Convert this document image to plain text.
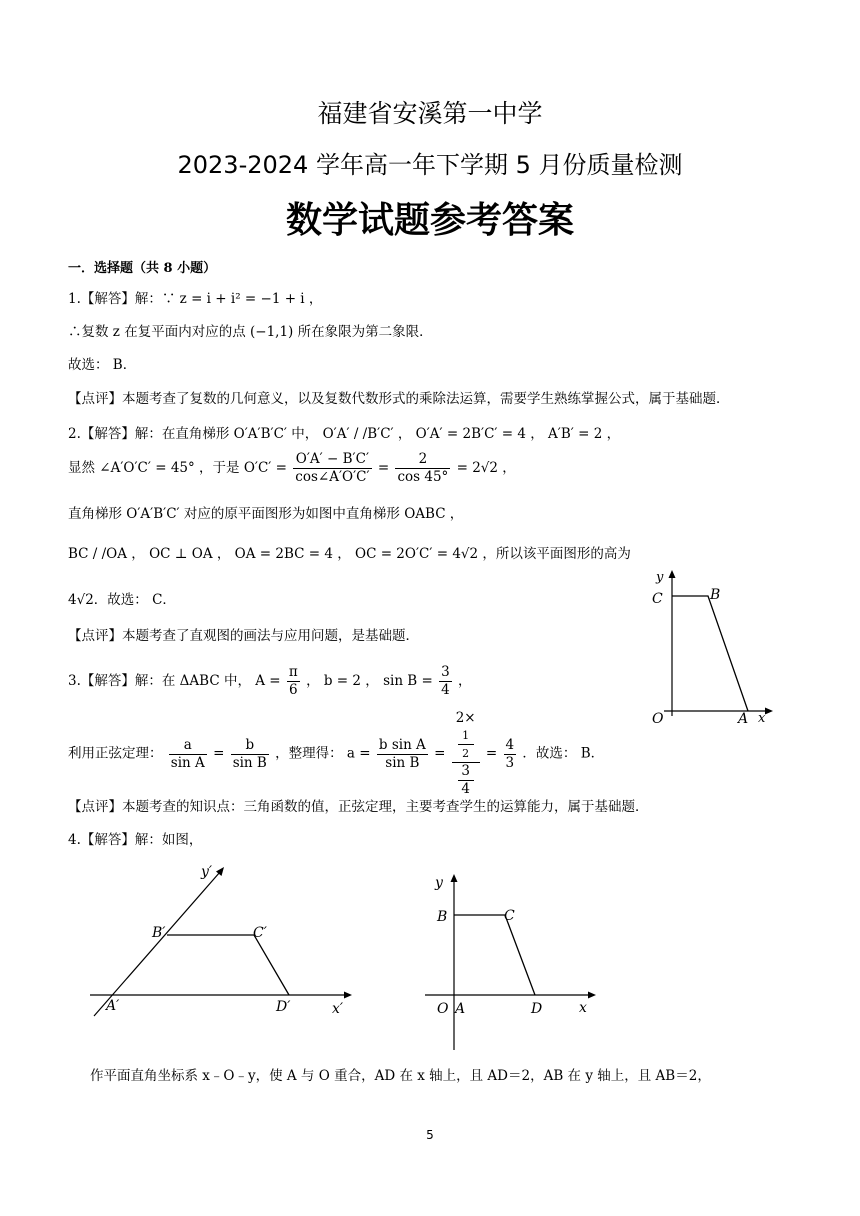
福建省安溪第一中学
2023-2024 学年高一年下学期 5 月份质量检测
数学试题参考答案
一．选择题（共 8 小题）
1.【解答】解：∵ z = i + i² = −1 + i ，
∴复数 z 在复平面内对应的点 (−1,1) 所在象限为第二象限．
故选： B．
【点评】本题考查了复数的几何意义，以及复数代数形式的乘除法运算，需要学生熟练掌握公式，属于基础题．
2.【解答】解：在直角梯形 O′A′B′C′ 中， O′A′ / /B′C′ ， O′A′ = 2B′C′ = 4 ， A′B′ = 2 ，
显然 ∠A′O′C′ = 45° ，于是 $O'C' = \frac{O'A' - B'C'}{\cos\angle A'O'C'} = \frac{2}{\cos 45^\circ} = 2√2$ ，
直角梯形 O′A′B′C′ 对应的原平面图形为如图中直角梯形 OABC ，
BC / /OA ， OC ⊥ OA ， OA = 2BC = 4 ， OC = 2O′C′ = 4√2 ，所以该平面图形的高为
4√2．故选： C．
【点评】本题考查了直观图的画法与应用问题，是基础题．
y
C	B
O	A x
3.【解答】解：在 ΔABC 中， $A = \frac{\pi}{6}$ ， b = 2 ， $\sin B = \frac{3}{4}$ ，
利用正弦定理： $\frac{a}{\text{sin A}} = \frac{b}{\text{sin B}}$ ，整理得： $a = \frac{\text{b sin A}}{\text{sin B}} = 2\times$
1
2
3
$4 = \frac{4}{3}$ ．故选： B．
【点评】本题考查的知识点：三角函数的值，正弦定理，主要考查学生的运算能力，属于基础题．
4.【解答】解：如图，
y′
B′	C′
A′	D′	x′
y
B	C
O A	D	x
作平面直角坐标系 x﹣O﹣y，使 A 与 O 重合，AD 在 x 轴上，且 AD＝2，AB 在 y 轴上，且 AB＝2，
5
